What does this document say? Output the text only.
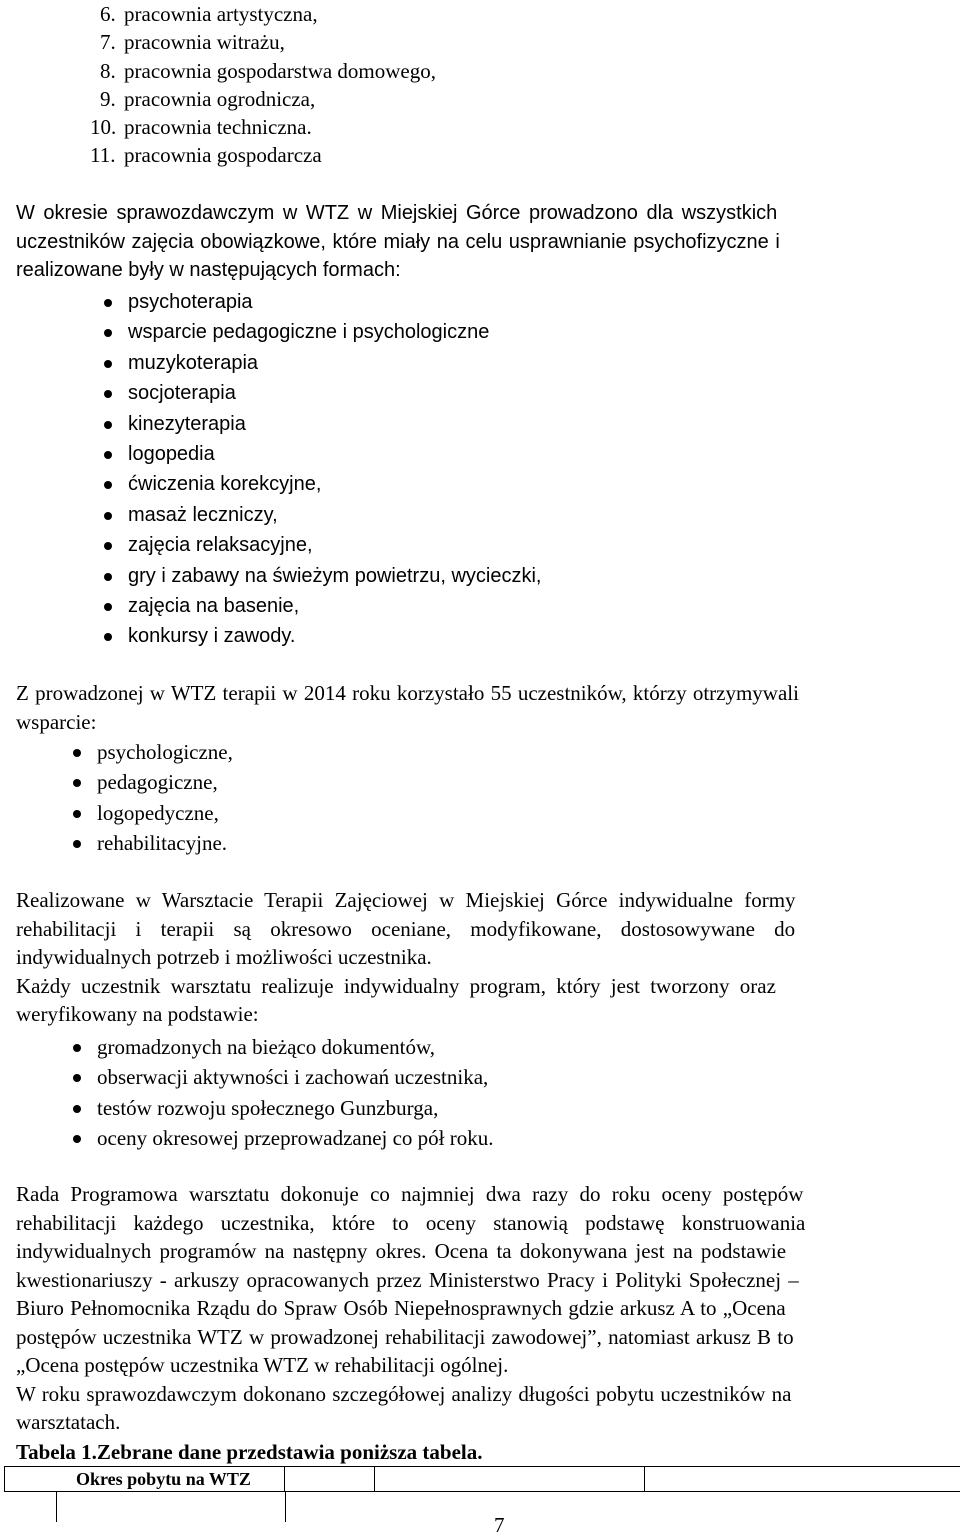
6. pracownia artystyczna,
7. pracownia witrażu,
8. pracownia gospodarstwa domowego,
9. pracownia ogrodnicza,
10. pracownia techniczna.
11. pracownia gospodarcza
W okresie sprawozdawczym w WTZ w Miejskiej Górce prowadzono dla wszystkich
uczestników zajęcia obowiązkowe, które miały na celu usprawnianie psychofizyczne i
realizowane były w następujących formach:
psychoterapia
wsparcie pedagogiczne i psychologiczne
muzykoterapia
socjoterapia
kinezyterapia
logopedia
ćwiczenia korekcyjne,
masaż leczniczy,
zajęcia relaksacyjne,
gry i zabawy na świeżym powietrzu, wycieczki,
zajęcia na basenie,
konkursy i zawody.
Z prowadzonej w WTZ terapii w 2014 roku korzystało 55 uczestników, którzy otrzymywali
wsparcie:
psychologiczne,
pedagogiczne,
logopedyczne,
rehabilitacyjne.
Realizowane w Warsztacie Terapii Zajęciowej w Miejskiej Górce indywidualne formy
rehabilitacji i terapii są okresowo oceniane, modyfikowane, dostosowywane do
indywidualnych potrzeb i możliwości uczestnika.
Każdy uczestnik warsztatu realizuje indywidualny program, który jest tworzony oraz
weryfikowany na podstawie:
gromadzonych na bieżąco dokumentów,
obserwacji aktywności i zachowań uczestnika,
testów rozwoju społecznego Gunzburga,
oceny okresowej przeprowadzanej co pół roku.
Rada Programowa warsztatu dokonuje co najmniej dwa razy do roku oceny postępów
rehabilitacji każdego uczestnika, które to oceny stanowią podstawę konstruowania
indywidualnych programów na następny okres. Ocena ta dokonywana jest na podstawie
kwestionariuszy - arkuszy opracowanych przez Ministerstwo Pracy i Polityki Społecznej –
Biuro Pełnomocnika Rządu do Spraw Osób Niepełnosprawnych gdzie arkusz A to „Ocena
postępów uczestnika WTZ w prowadzonej rehabilitacji zawodowej”, natomiast arkusz B to
„Ocena postępów uczestnika WTZ w rehabilitacji ogólnej.
W roku sprawozdawczym dokonano szczegółowej analizy długości pobytu uczestników na
warsztatach.
Tabela 1.Zebrane dane przedstawia poniższa tabela.
Okres pobytu na WTZ
7
